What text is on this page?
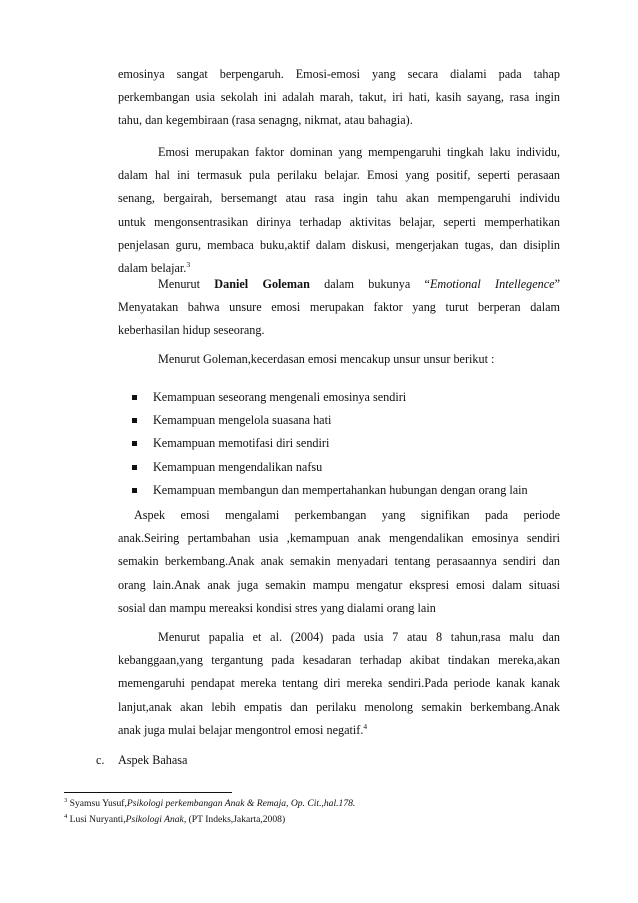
emosinya sangat berpengaruh. Emosi-emosi yang secara dialami pada tahap
perkembangan usia sekolah ini adalah marah, takut, iri hati, kasih sayang, rasa ingin
tahu, dan kegembiraan (rasa senagng, nikmat, atau bahagia).
Emosi merupakan faktor dominan yang mempengaruhi tingkah laku individu,
dalam hal ini termasuk pula perilaku belajar. Emosi yang positif, seperti perasaan
senang, bergairah, bersemangt atau rasa ingin tahu akan mempengaruhi individu
untuk mengonsentrasikan dirinya terhadap aktivitas belajar, seperti memperhatikan
penjelasan guru, membaca buku,aktif dalam diskusi, mengerjakan tugas, dan disiplin
dalam belajar.$^3$
Menurut Daniel Goleman dalam bukunya “Emotional Intellegence”
Menyatakan bahwa unsure emosi merupakan faktor yang turut berperan dalam
keberhasilan hidup seseorang.
Menurut Goleman,kecerdasan emosi mencakup unsur unsur berikut :
Kemampuan seseorang mengenali emosinya sendiri
Kemampuan mengelola suasana hati
Kemampuan memotifasi diri sendiri
Kemampuan mengendalikan nafsu
Kemampuan membangun dan mempertahankan hubungan dengan orang lain
Aspek emosi mengalami perkembangan yang signifikan pada periode
anak.Seiring pertambahan usia ,kemampuan anak mengendalikan emosinya sendiri
semakin berkembang.Anak anak semakin menyadari tentang perasaannya sendiri dan
orang lain.Anak anak juga semakin mampu mengatur ekspresi emosi dalam situasi
sosial dan mampu mereaksi kondisi stres yang dialami orang lain
Menurut papalia et al. (2004) pada usia 7 atau 8 tahun,rasa malu dan
kebanggaan,yang tergantung pada kesadaran terhadap akibat tindakan mereka,akan
memengaruhi pendapat mereka tentang diri mereka sendiri.Pada periode kanak kanak
lanjut,anak akan lebih empatis dan perilaku menolong semakin berkembang.Anak
anak juga mulai belajar mengontrol emosi negatif.$^4$
c. Aspek Bahasa
$^3$ Syamsu Yusuf,Psikologi perkembangan Anak & Remaja, Op. Cit.,hal.178.
$^4$ Lusi Nuryanti,Psikologi Anak, (PT Indeks,Jakarta,2008)
